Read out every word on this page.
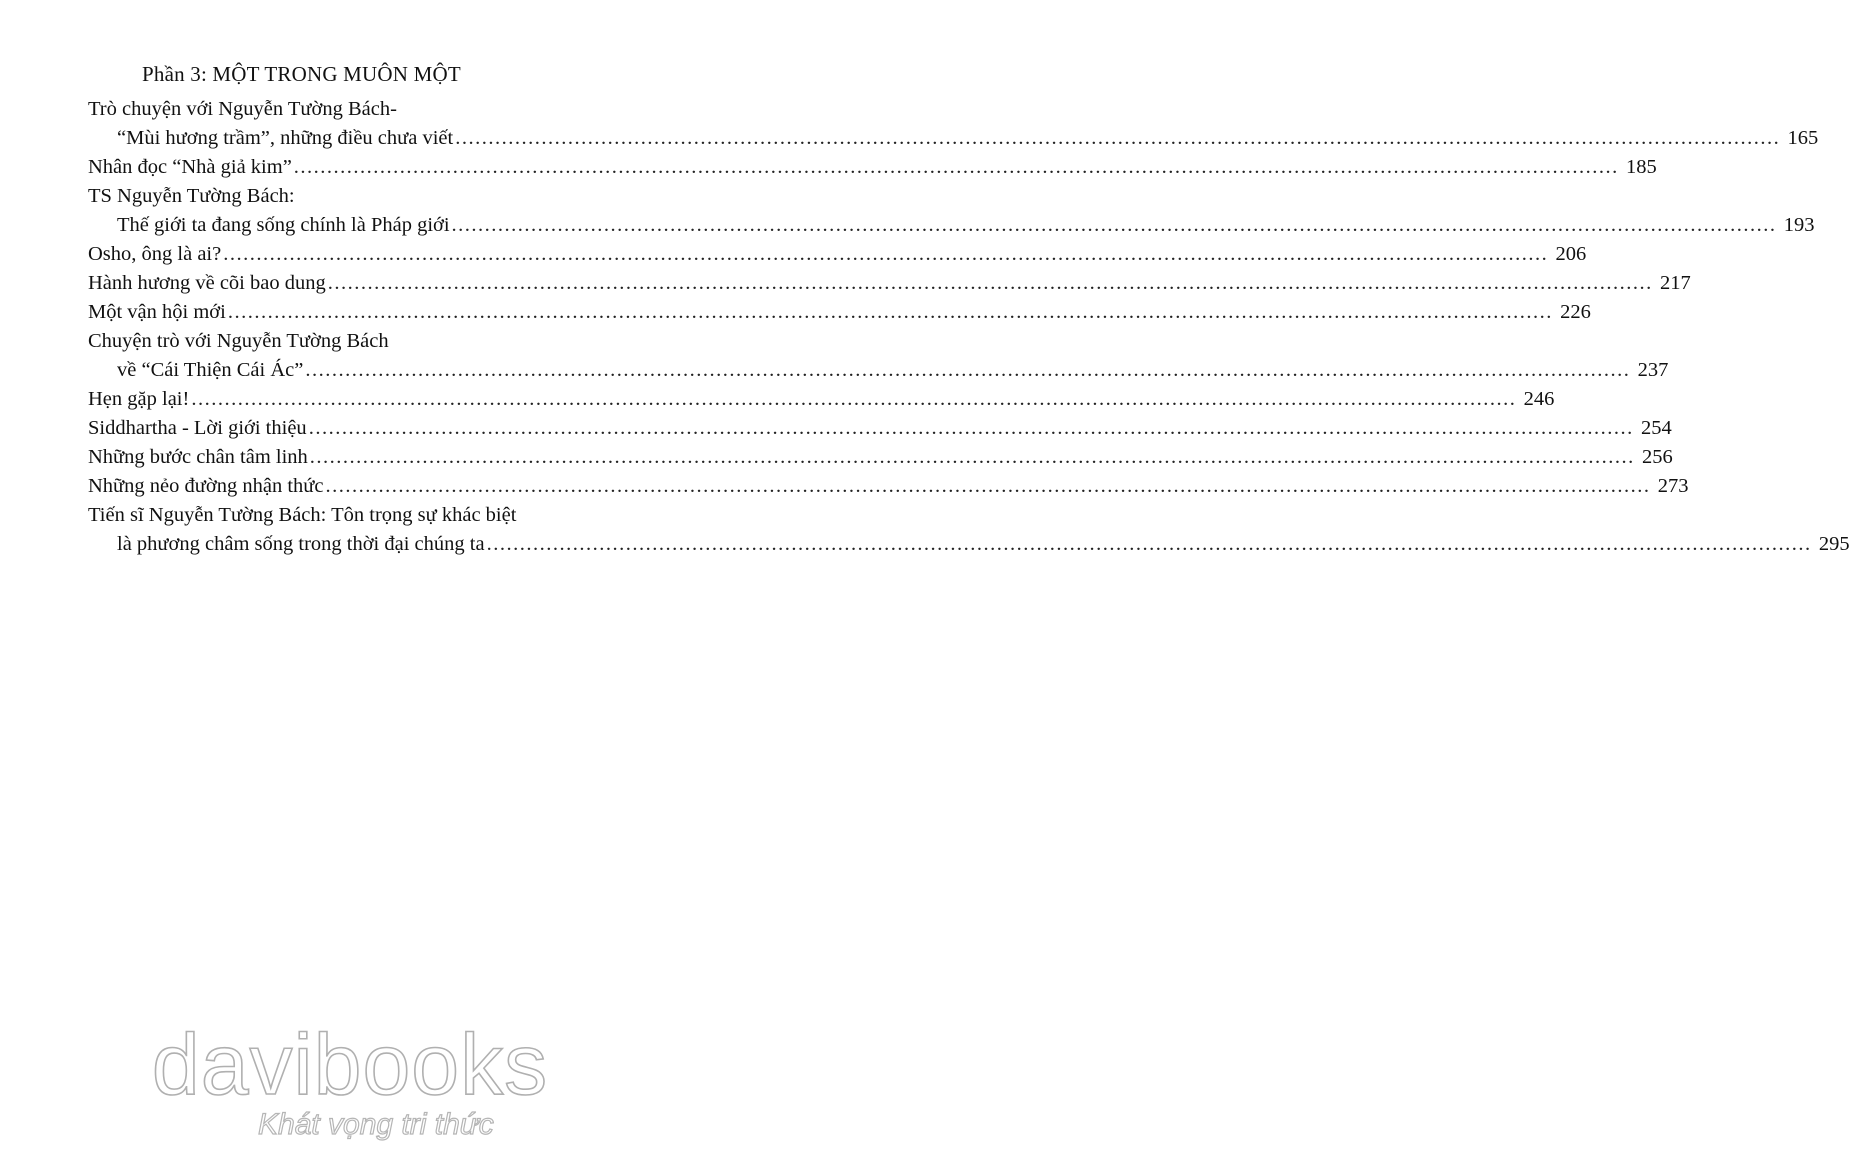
Phần 3: MỘT TRONG MUÔN MỘT
Trò chuyện với Nguyễn Tường Bách-
“Mùi hương trầm”, những điều chưa viết ........................................................................................................................................................................................................ 165
Nhân đọc “Nhà giả kim” ........................................................................................................................................................................................................ 185
TS Nguyễn Tường Bách:
Thế giới ta đang sống chính là Pháp giới ........................................................................................................................................................................................................ 193
Osho, ông là ai? ........................................................................................................................................................................................................ 206
Hành hương về cõi bao dung ........................................................................................................................................................................................................ 217
Một vận hội mới ........................................................................................................................................................................................................ 226
Chuyện trò với Nguyễn Tường Bách
về “Cái Thiện Cái Ác” ........................................................................................................................................................................................................ 237
Hẹn gặp lại! ........................................................................................................................................................................................................ 246
Siddhartha - Lời giới thiệu ........................................................................................................................................................................................................ 254
Những bước chân tâm linh ........................................................................................................................................................................................................ 256
Những nẻo đường nhận thức ........................................................................................................................................................................................................ 273
Tiến sĩ Nguyễn Tường Bách: Tôn trọng sự khác biệt
là phương châm sống trong thời đại chúng ta ........................................................................................................................................................................................................ 295
davibooks
Khát vọng tri thức
